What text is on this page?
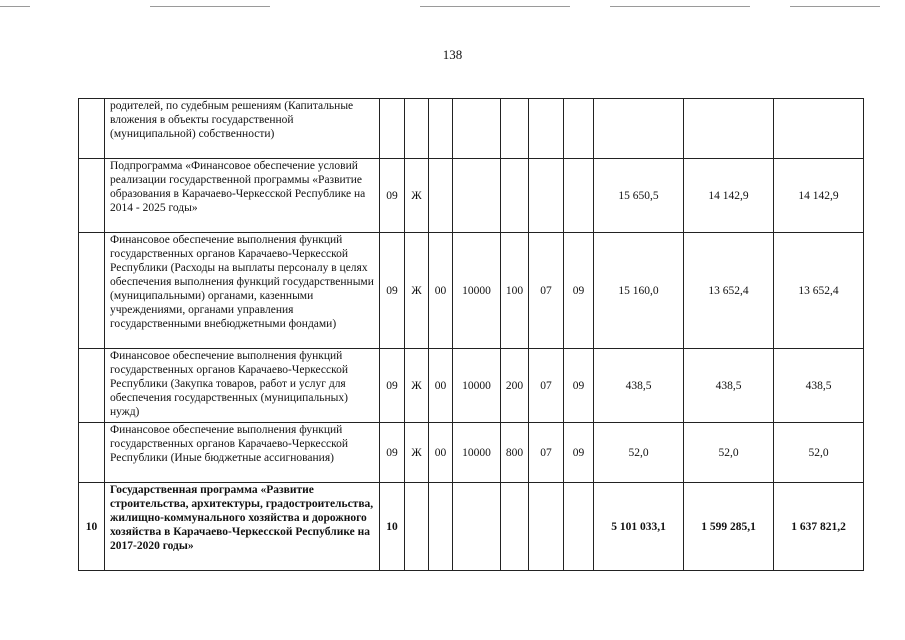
138
	родителей, по судебным решениям (Капитальные вложения в объекты государственной (муниципальной) собственности)										
	Подпрограмма «Финансовое обеспечение условий реализации государственной программы «Развитие образования в Карачаево-Черкесской Республике на 2014 - 2025 годы»	09	Ж						15 650,5	14 142,9	14 142,9
	Финансовое обеспечение выполнения функций государственных органов Карачаево-Черкесской Республики (Расходы на выплаты персоналу в целях обеспечения выполнения функций государственными (муниципальными) органами, казенными учреждениями, органами управления государственными внебюджетными фондами)	09	Ж	00	10000	100	07	09	15 160,0	13 652,4	13 652,4
	Финансовое обеспечение выполнения функций государственных органов Карачаево-Черкесской Республики (Закупка товаров, работ и услуг для обеспечения государственных (муниципальных) нужд)	09	Ж	00	10000	200	07	09	438,5	438,5	438,5
	Финансовое обеспечение выполнения функций государственных органов Карачаево-Черкесской Республики (Иные бюджетные ассигнования)	09	Ж	00	10000	800	07	09	52,0	52,0	52,0
10	Государственная программа «Развитие строительства, архитектуры, градостроительства, жилищно-коммунального хозяйства и дорожного хозяйства в Карачаево-Черкесской Республике на 2017-2020 годы»	10							5 101 033,1	1 599 285,1	1 637 821,2
